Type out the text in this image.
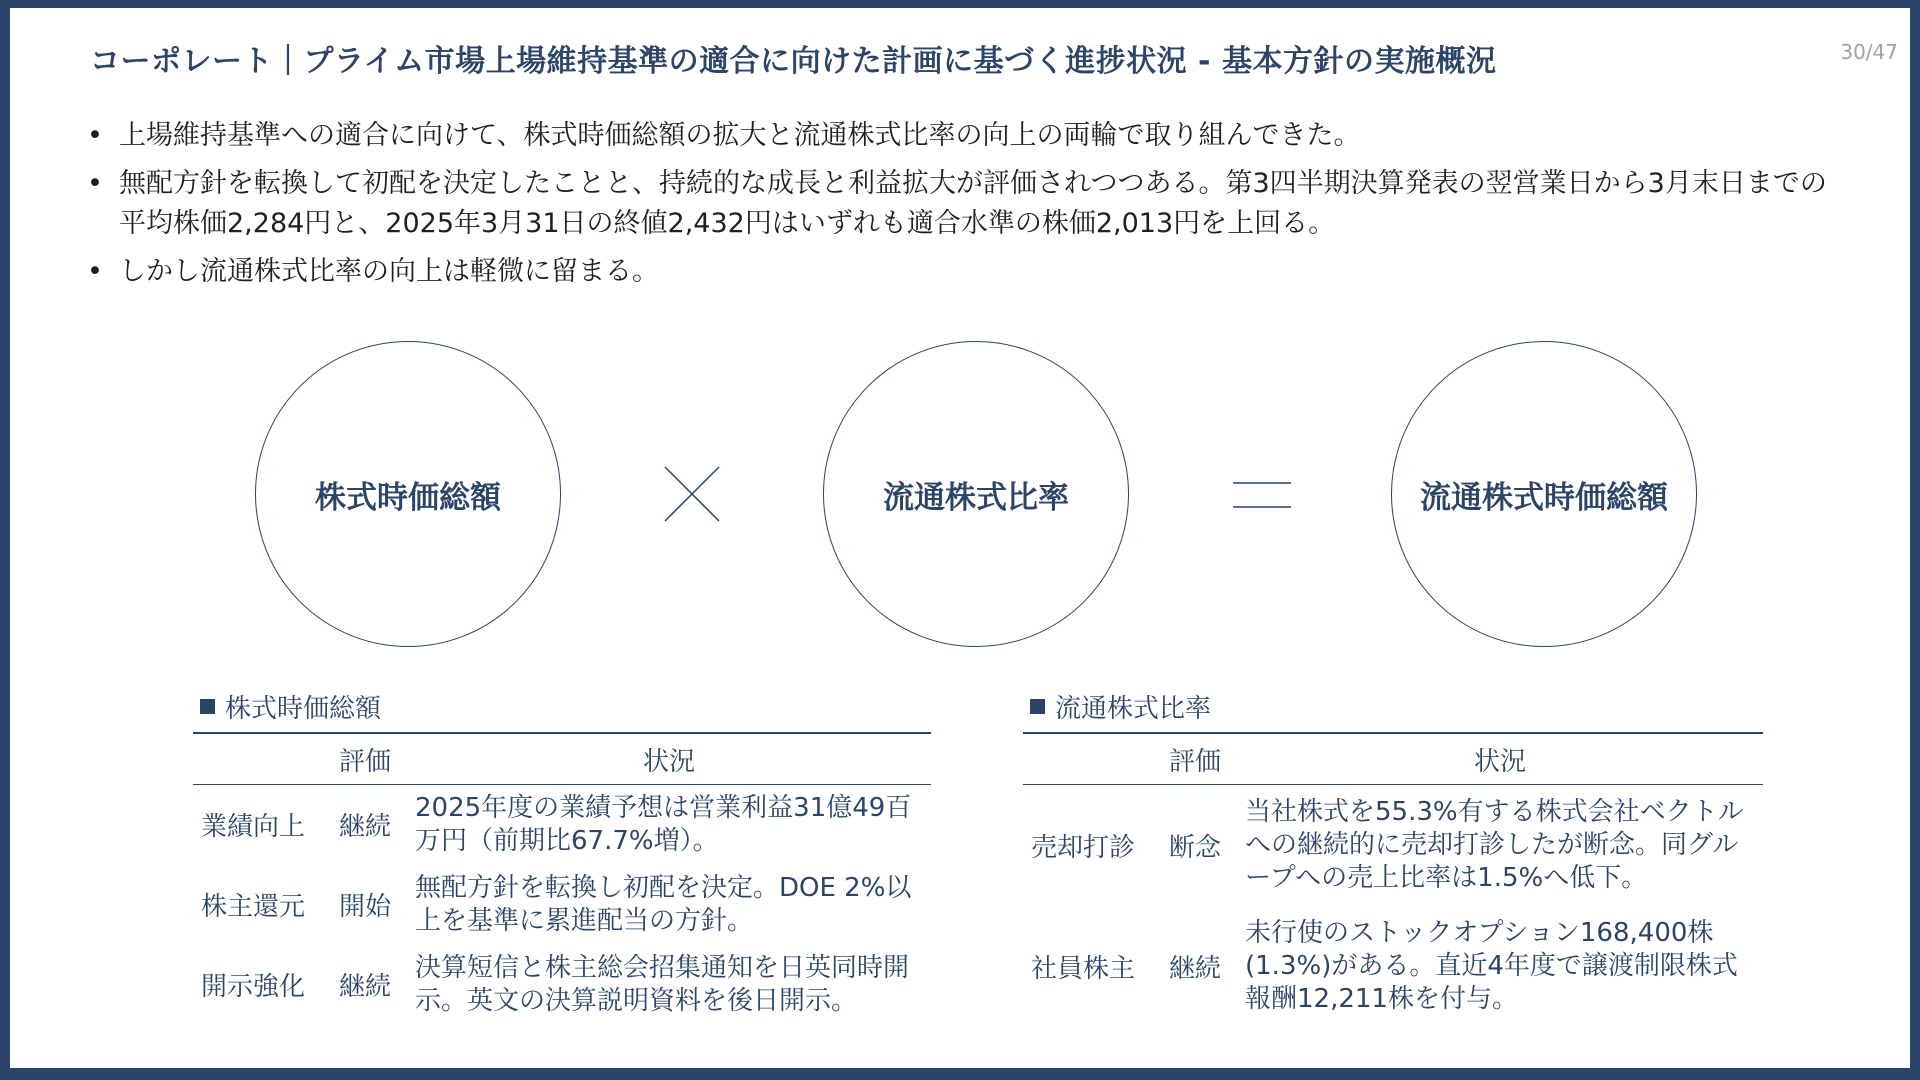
コーポレート｜プライム市場上場維持基準の適合に向けた計画に基づく進捗状況 - 基本方針の実施概況	30/47
• 上場維持基準への適合に向けて、株式時価総額の拡大と流通株式比率の向上の両輪で取り組んできた。
• 無配方針を転換して初配を決定したことと、持続的な成長と利益拡大が評価されつつある。第3四半期決算発表の翌営業日から3月末日までの平均株価2,284円と、2025年3月31日の終値2,432円はいずれも適合水準の株価2,013円を上回る。
• しかし流通株式比率の向上は軽微に留まる。
株式時価総額	流通株式比率	流通株式時価総額
株式時価総額
	評価	状況
業績向上	継続	2025年度の業績予想は営業利益31億49百万円（前期比67.7%増）。
株主還元	開始	無配方針を転換し初配を決定。DOE 2%以上を基準に累進配当の方針。
開示強化	継続	決算短信と株主総会招集通知を日英同時開示。英文の決算説明資料を後日開示。
流通株式比率
	評価	状況
売却打診	断念	当社株式を55.3%有する株式会社ベクトルへの継続的に売却打診したが断念。同グループへの売上比率は1.5%へ低下。
社員株主	継続	未行使のストックオプション168,400株(1.3%)がある。直近4年度で譲渡制限株式報酬12,211株を付与。
